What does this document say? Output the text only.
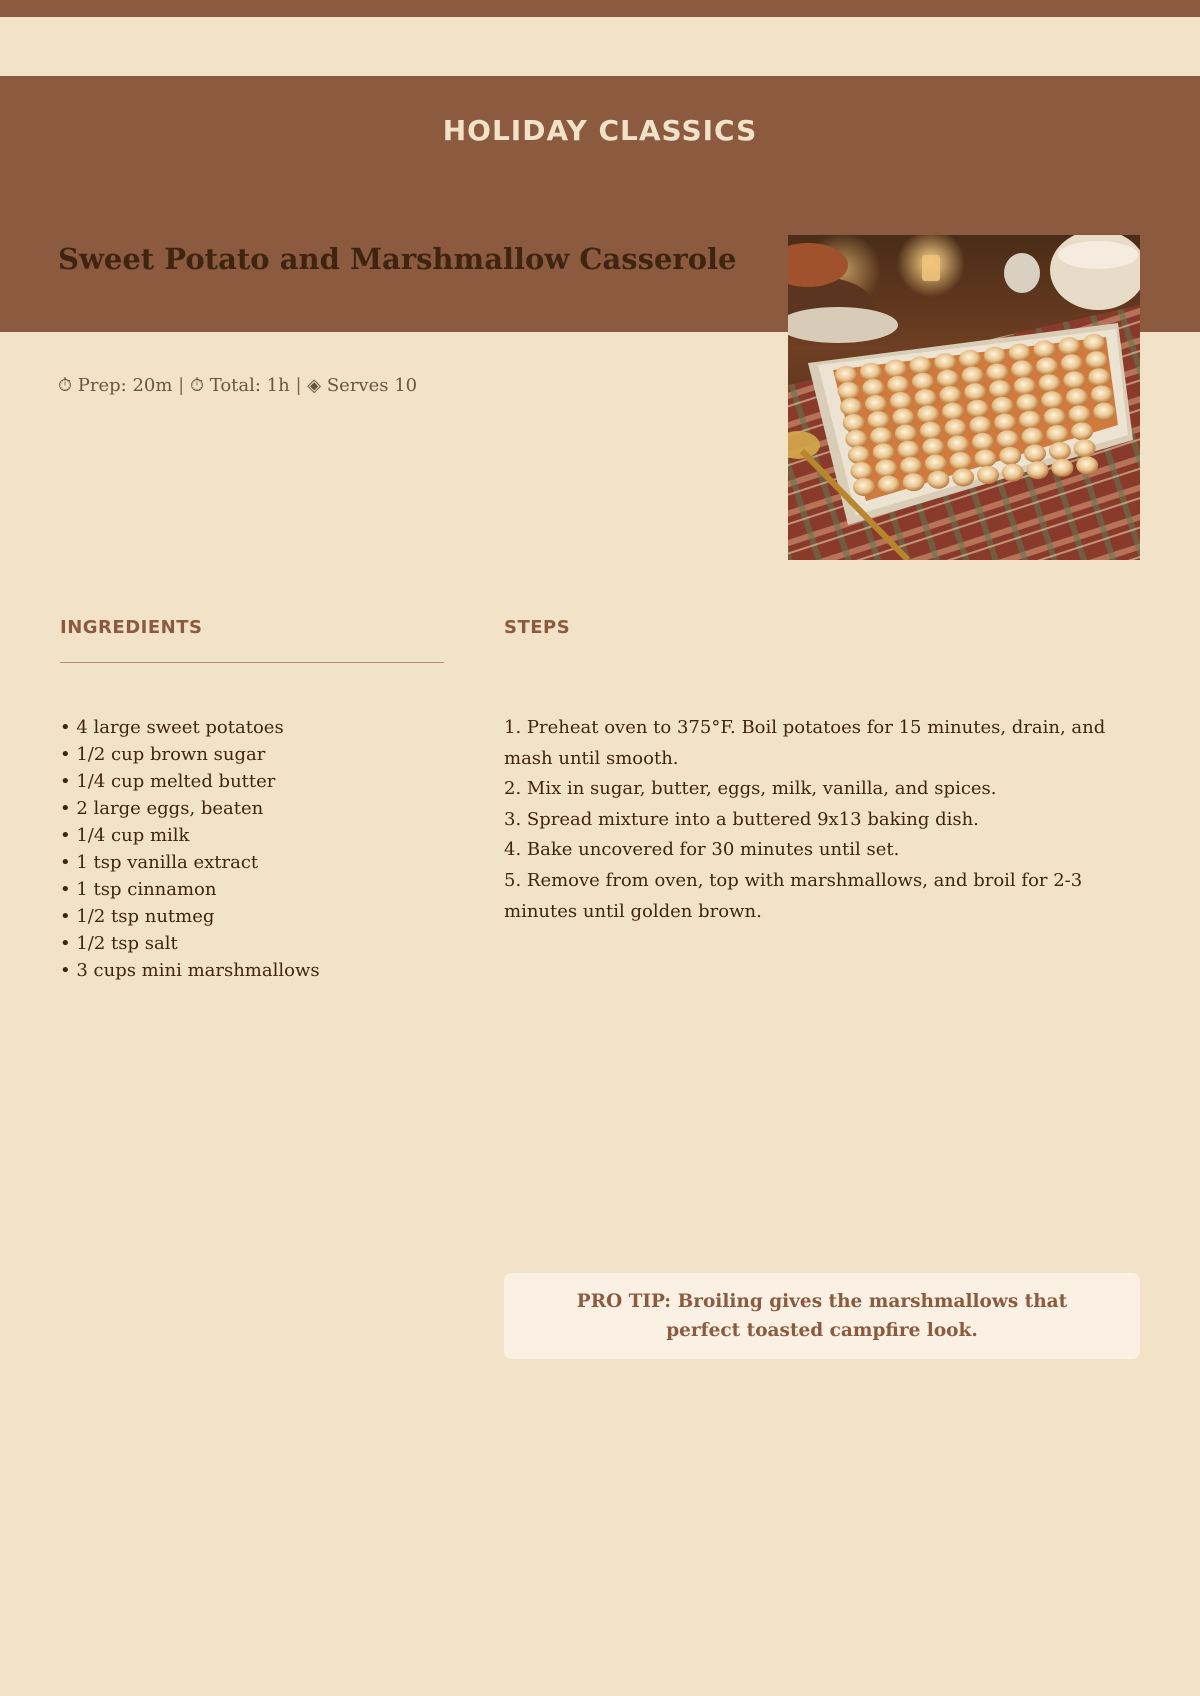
HOLIDAY CLASSICS
Sweet Potato and Marshmallow Casserole
⏱ Prep: 20m | ⏱ Total: 1h | ◈ Serves 10
INGREDIENTS
• 4 large sweet potatoes
• 1/2 cup brown sugar
• 1/4 cup melted butter
• 2 large eggs, beaten
• 1/4 cup milk
• 1 tsp vanilla extract
• 1 tsp cinnamon
• 1/2 tsp nutmeg
• 1/2 tsp salt
• 3 cups mini marshmallows
STEPS
1. Preheat oven to 375°F. Boil potatoes for 15 minutes, drain, and mash until smooth.
2. Mix in sugar, butter, eggs, milk, vanilla, and spices.
3. Spread mixture into a buttered 9x13 baking dish.
4. Bake uncovered for 30 minutes until set.
5. Remove from oven, top with marshmallows, and broil for 2-3 minutes until golden brown.
PRO TIP: Broiling gives the marshmallows that perfect toasted campfire look.
